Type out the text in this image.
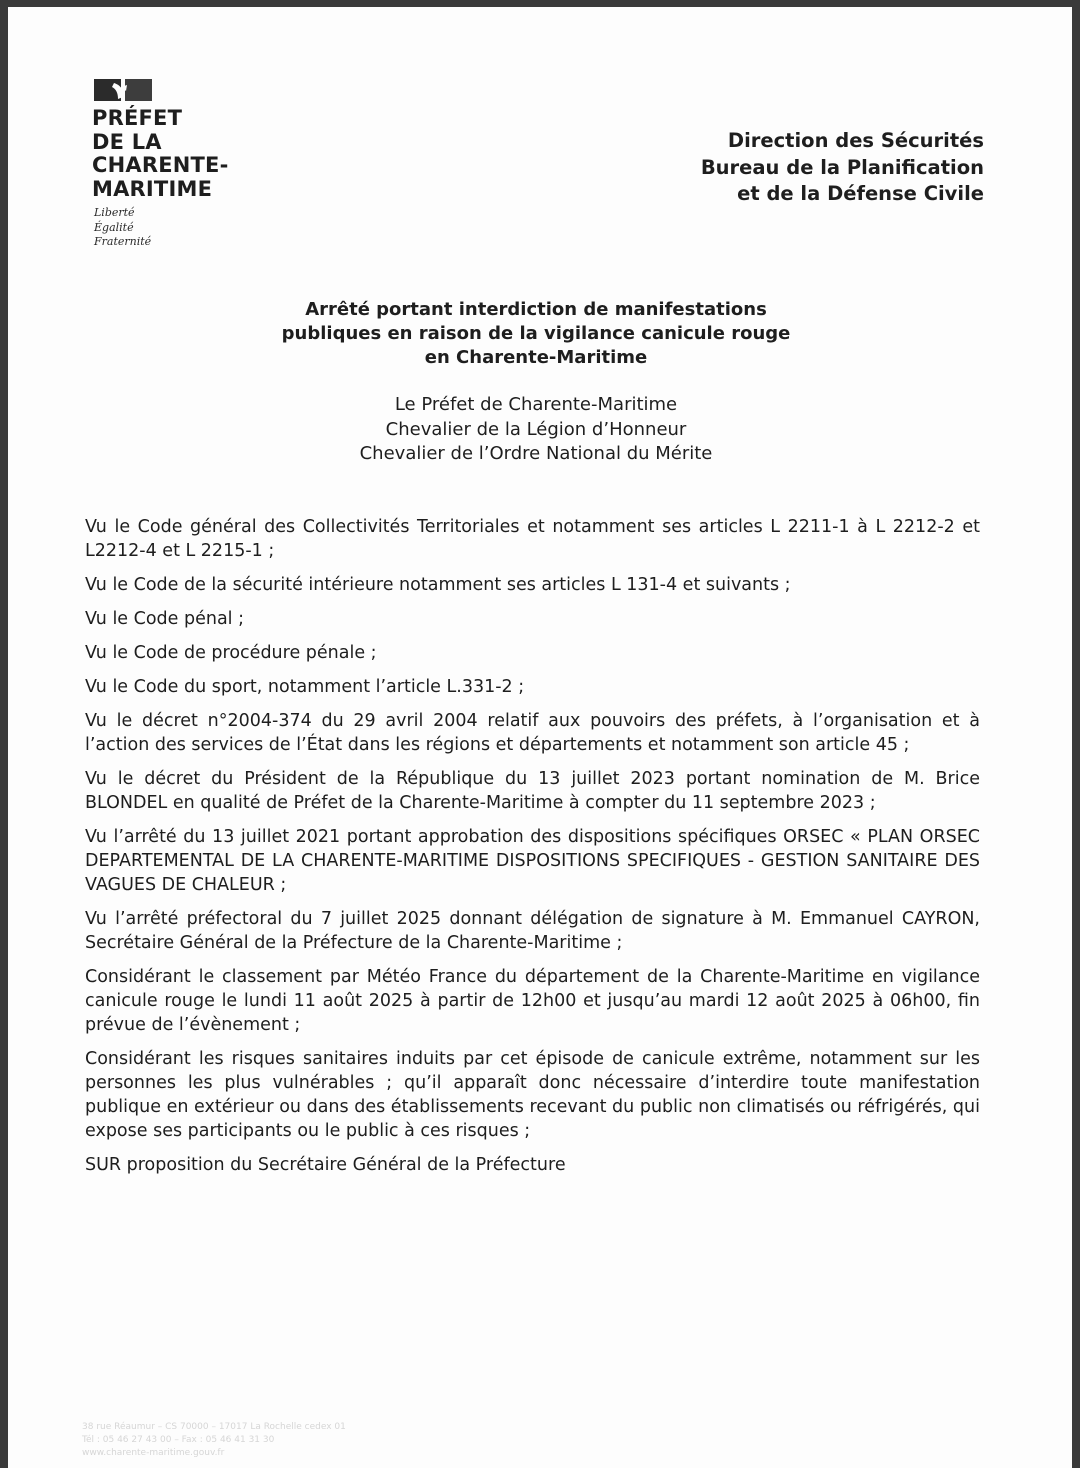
PRÉFET
DE LA
CHARENTE-
MARITIME
Liberté
Égalité
Fraternité
Direction des Sécurités
Bureau de la Planification
et de la Défense Civile
Arrêté portant interdiction de manifestations
publiques en raison de la vigilance canicule rouge
en Charente-Maritime
Le Préfet de Charente-Maritime
Chevalier de la Légion d’Honneur
Chevalier de l’Ordre National du Mérite

Vu le Code général des Collectivités Territoriales et notamment ses articles L 2211-1 à L 2212-2 et L2212-4 et L 2215-1 ;

Vu le Code de la sécurité intérieure notamment ses articles L 131-4 et suivants ;

Vu le Code pénal ;

Vu le Code de procédure pénale ;

Vu le Code du sport, notamment l’article L.331-2 ;

Vu le décret n°2004-374 du 29 avril 2004 relatif aux pouvoirs des préfets, à l’organisation et à l’action des services de l’État dans les régions et départements et notamment son article 45 ;

Vu le décret du Président de la République du 13 juillet 2023 portant nomination de M. Brice BLONDEL en qualité de Préfet de la Charente-Maritime à compter du 11 septembre 2023 ;

Vu l’arrêté du 13 juillet 2021 portant approbation des dispositions spécifiques ORSEC « PLAN ORSEC DEPARTEMENTAL DE LA CHARENTE-MARITIME DISPOSITIONS SPECIFIQUES - GESTION SANITAIRE DES VAGUES DE CHALEUR ;

Vu l’arrêté préfectoral du 7 juillet 2025 donnant délégation de signature à M. Emmanuel CAYRON, Secrétaire Général de la Préfecture de la Charente-Maritime ;

Considérant le classement par Météo France du département de la Charente-Maritime en vigilance canicule rouge le lundi 11 août 2025 à partir de 12h00 et jusqu’au mardi 12 août 2025 à 06h00, fin prévue de l’évènement ;

Considérant les risques sanitaires induits par cet épisode de canicule extrême, notamment sur les personnes les plus vulnérables ; qu’il apparaît donc nécessaire d’interdire toute manifestation publique en extérieur ou dans des établissements recevant du public non climatisés ou réfrigérés, qui expose ses participants ou le public à ces risques ;

SUR proposition du Secrétaire Général de la Préfecture

38 rue Réaumur – CS 70000 – 17017 La Rochelle cedex 01
Tél : 05 46 27 43 00 – Fax : 05 46 41 31 30
www.charente-maritime.gouv.fr
